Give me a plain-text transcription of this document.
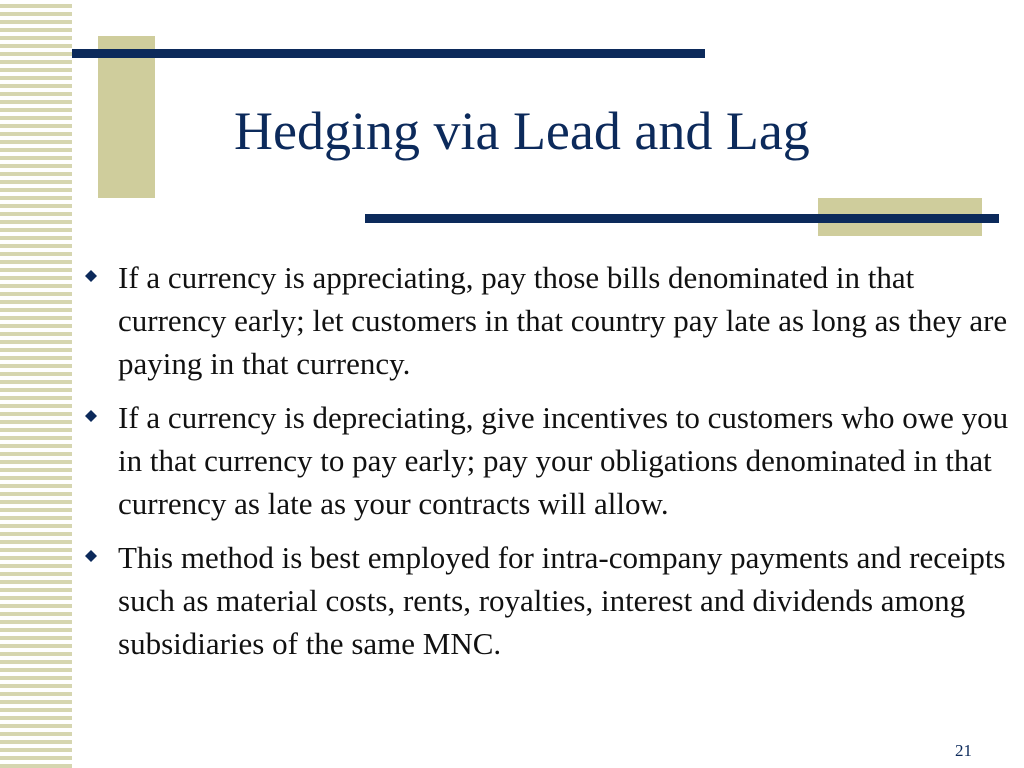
Hedging via Lead and Lag
If a currency is appreciating, pay those bills denominated in that currency early; let customers in that country pay late as long as they are paying in that currency.
If a currency is depreciating, give incentives to customers who owe you in that currency to pay early; pay your obligations denominated in that currency as late as your contracts will allow.
This method is best employed for intra-company payments and receipts such as material costs, rents, royalties, interest and dividends among subsidiaries of the same MNC.
21
